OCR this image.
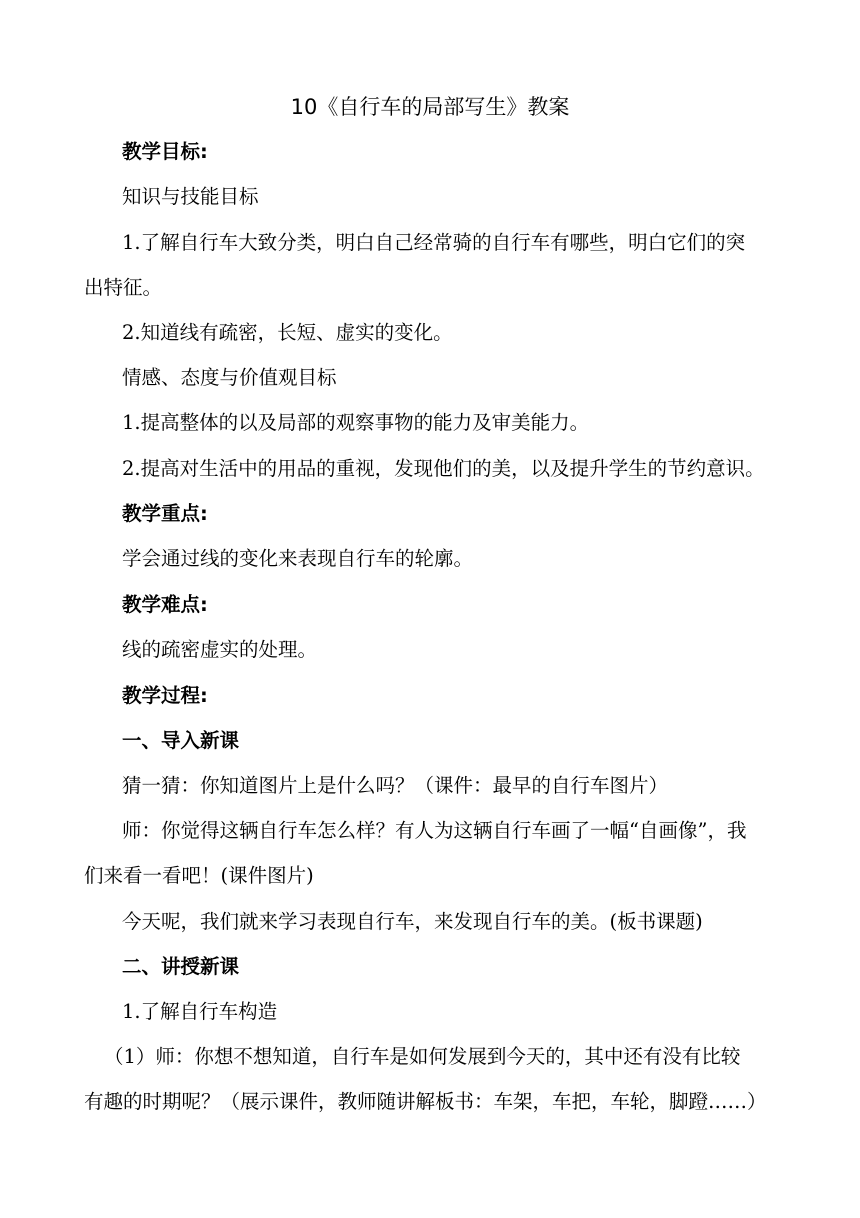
10《自行车的局部写生》教案
教学目标:
知识与技能目标
1.了解自行车大致分类，明白自己经常骑的自行车有哪些，明白它们的突
出特征。
2.知道线有疏密，长短、虚实的变化。
情感、态度与价值观目标
1.提高整体的以及局部的观察事物的能力及审美能力。
2.提高对生活中的用品的重视，发现他们的美，以及提升学生的节约意识。
教学重点:
学会通过线的变化来表现自行车的轮廓。
教学难点:
线的疏密虚实的处理。
教学过程:
一、导入新课
猜一猜：你知道图片上是什么吗？（课件：最早的自行车图片）
师：你觉得这辆自行车怎么样？有人为这辆自行车画了一幅“自画像”，我
们来看一看吧！(课件图片)
今天呢，我们就来学习表现自行车，来发现自行车的美。(板书课题)
二、讲授新课
1.了解自行车构造
（1）师：你想不想知道，自行车是如何发展到今天的，其中还有没有比较
有趣的时期呢？（展示课件，教师随讲解板书：车架，车把，车轮，脚蹬……）
